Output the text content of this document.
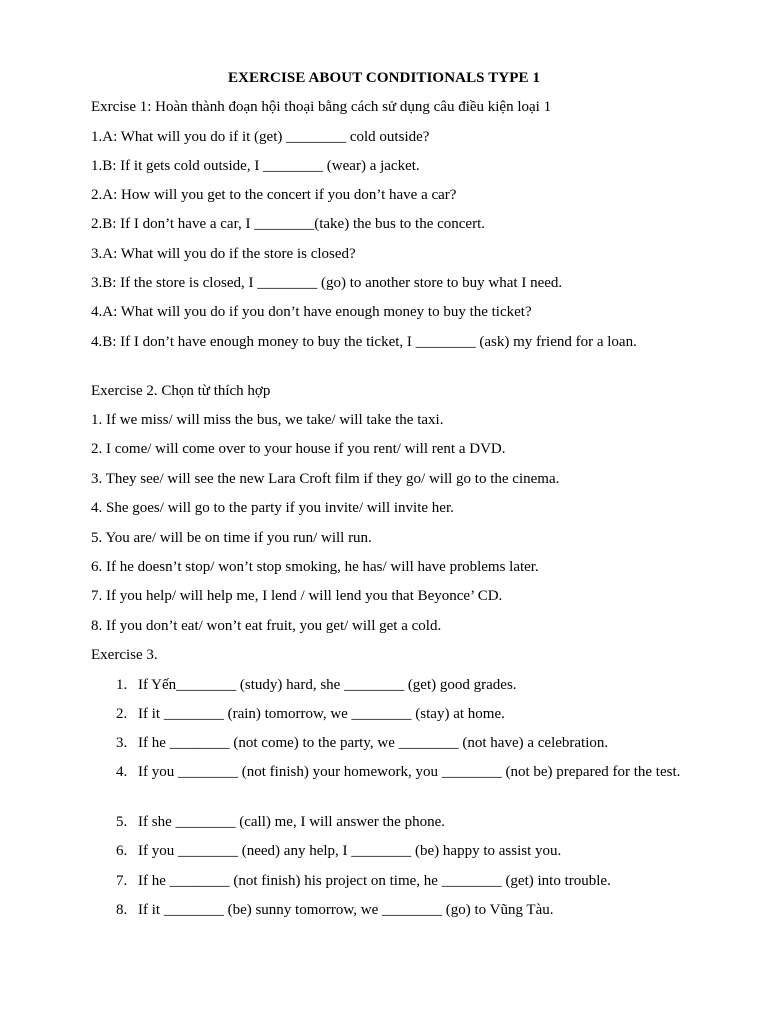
EXERCISE ABOUT CONDITIONALS TYPE 1
Exrcise 1: Hoàn thành đoạn hội thoại bằng cách sử dụng câu điều kiện loại 1
1.A: What will you do if it (get) ________ cold outside?
1.B: If it gets cold outside, I ________ (wear) a jacket.
2.A: How will you get to the concert if you don’t have a car?
2.B: If I don’t have a car, I ________(take) the bus to the concert.
3.A: What will you do if the store is closed?
3.B: If the store is closed, I ________ (go) to another store to buy what I need.
4.A: What will you do if you don’t have enough money to buy the ticket?
4.B: If I don’t have enough money to buy the ticket, I ________ (ask) my friend for a loan.
Exercise 2. Chọn từ thích hợp
1. If we miss/ will miss the bus, we take/ will take the taxi.
2. I come/ will come over to your house if you rent/ will rent a DVD.
3. They see/ will see the new Lara Croft film if they go/ will go to the cinema.
4. She goes/ will go to the party if you invite/ will invite her.
5. You are/ will be on time if you run/ will run.
6. If he doesn’t stop/ won’t stop smoking, he has/ will have problems later.
7. If you help/ will help me, I lend / will lend you that Beyonce’ CD.
8. If you don’t eat/ won’t eat fruit, you get/ will get a cold.
Exercise 3.
1. If Yến________ (study) hard, she ________ (get) good grades.
2. If it ________ (rain) tomorrow, we ________ (stay) at home.
3. If he ________ (not come) to the party, we ________ (not have) a celebration.
4. If you ________ (not finish) your homework, you ________ (not be) prepared for the test.
5. If she ________ (call) me, I will answer the phone.
6. If you ________ (need) any help, I ________ (be) happy to assist you.
7. If he ________ (not finish) his project on time, he ________ (get) into trouble.
8. If it ________ (be) sunny tomorrow, we ________ (go) to Vũng Tàu.
